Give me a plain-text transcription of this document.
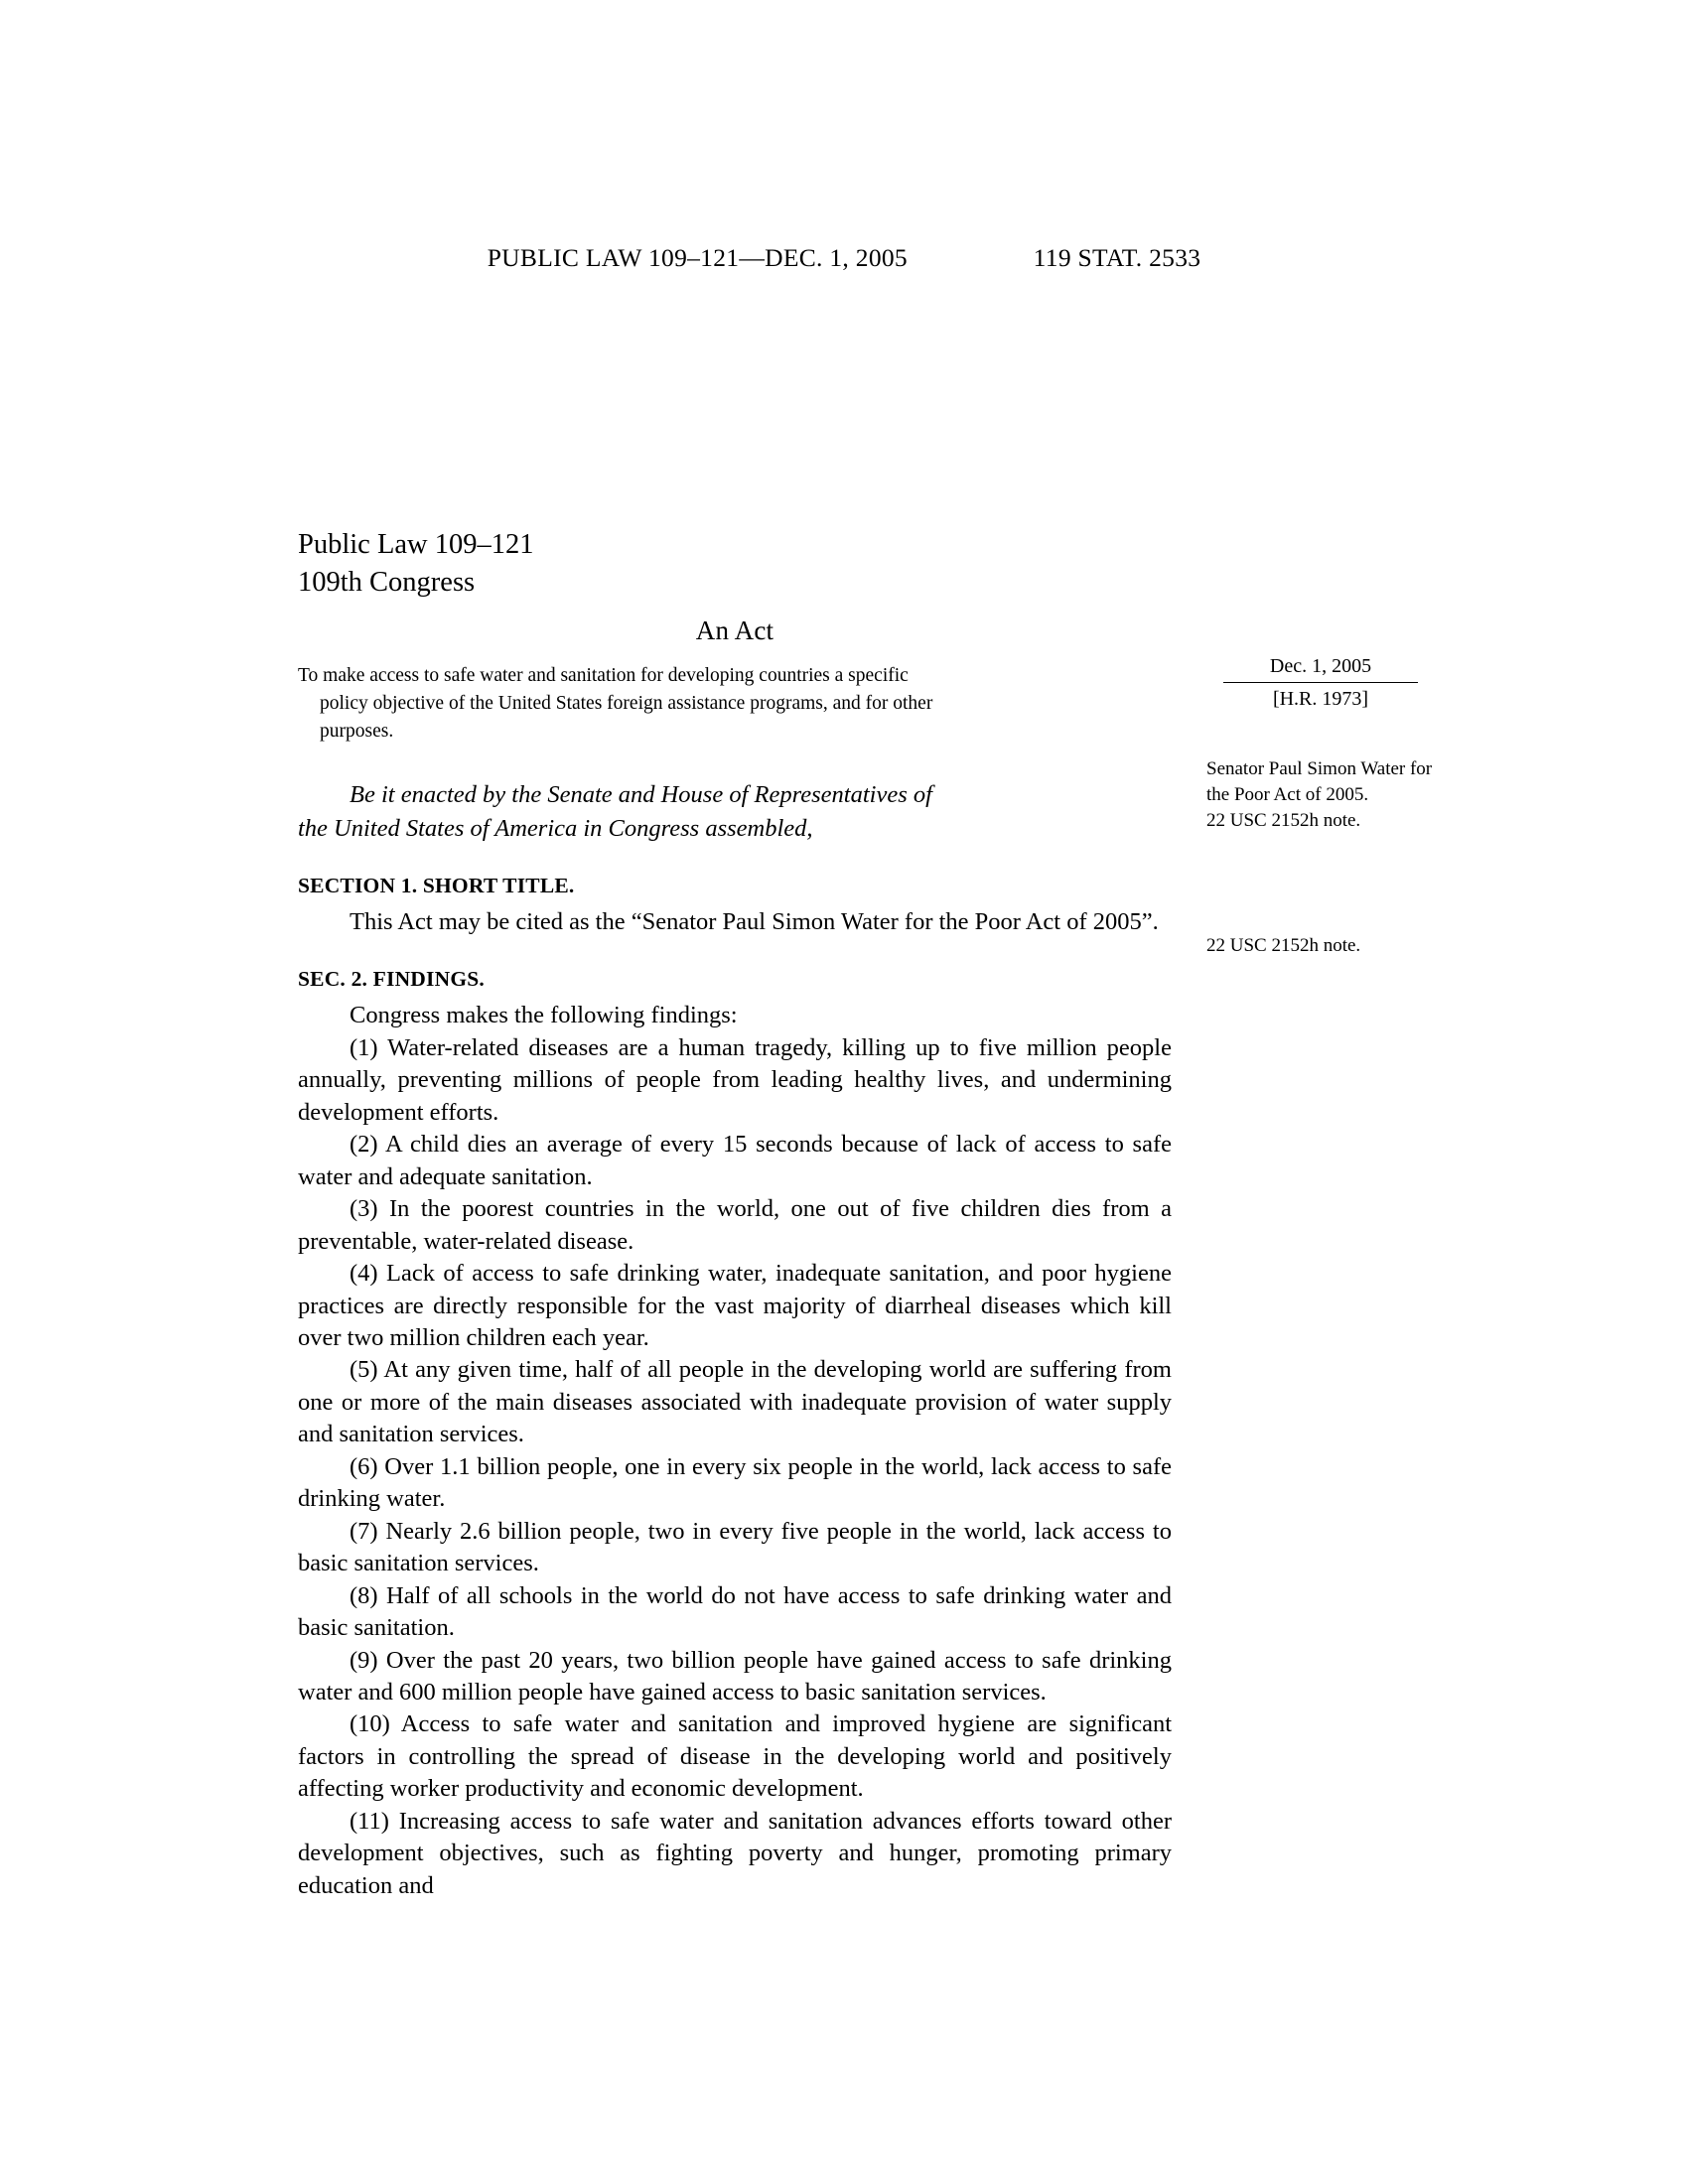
PUBLIC LAW 109–121—DEC. 1, 2005	119 STAT. 2533
Public Law 109–121
109th Congress
An Act
To make access to safe water and sanitation for developing countries a specific
policy objective of the United States foreign assistance programs, and for other
purposes.
Be it enacted by the Senate and House of Representatives of
the United States of America in Congress assembled,
SECTION 1. SHORT TITLE.

This Act may be cited as the “Senator Paul Simon Water for the Poor Act of 2005”.

SEC. 2. FINDINGS.

Congress makes the following findings:

(1) Water-related diseases are a human tragedy, killing up to five million people annually, preventing millions of people from leading healthy lives, and undermining development efforts.

(2) A child dies an average of every 15 seconds because of lack of access to safe water and adequate sanitation.

(3) In the poorest countries in the world, one out of five children dies from a preventable, water-related disease.

(4) Lack of access to safe drinking water, inadequate sanitation, and poor hygiene practices are directly responsible for the vast majority of diarrheal diseases which kill over two million children each year.

(5) At any given time, half of all people in the developing world are suffering from one or more of the main diseases associated with inadequate provision of water supply and sanitation services.

(6) Over 1.1 billion people, one in every six people in the world, lack access to safe drinking water.

(7) Nearly 2.6 billion people, two in every five people in the world, lack access to basic sanitation services.

(8) Half of all schools in the world do not have access to safe drinking water and basic sanitation.

(9) Over the past 20 years, two billion people have gained access to safe drinking water and 600 million people have gained access to basic sanitation services.

(10) Access to safe water and sanitation and improved hygiene are significant factors in controlling the spread of disease in the developing world and positively affecting worker productivity and economic development.

(11) Increasing access to safe water and sanitation advances efforts toward other development objectives, such as fighting poverty and hunger, promoting primary education and

Dec. 1, 2005
[H.R. 1973]
Senator Paul Simon Water for the Poor Act of 2005.
22 USC 2152h note.
22 USC 2152h note.
